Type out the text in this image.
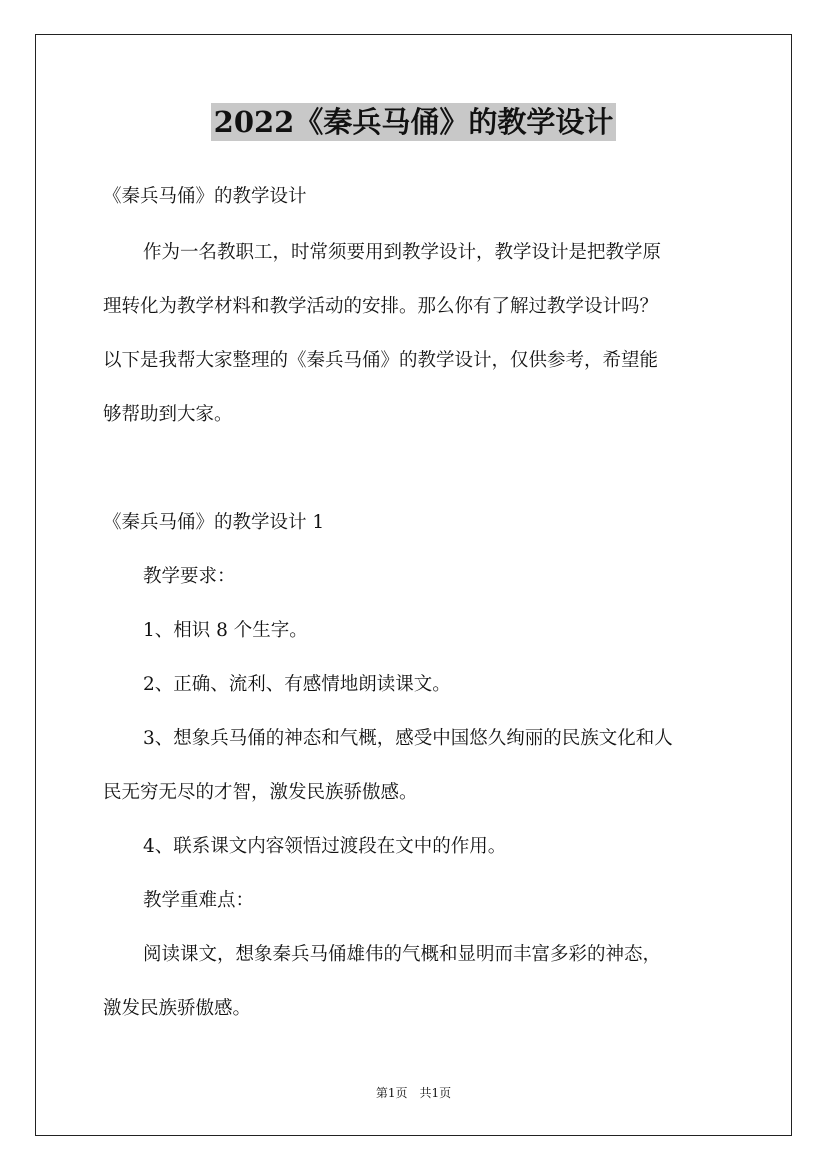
2022《秦兵马俑》的教学设计
《秦兵马俑》的教学设计
作为一名教职工，时常须要用到教学设计，教学设计是把教学原
理转化为教学材料和教学活动的安排。那么你有了解过教学设计吗？
以下是我帮大家整理的《秦兵马俑》的教学设计，仅供参考，希望能
够帮助到大家。
《秦兵马俑》的教学设计 1
教学要求：
1、相识 8 个生字。
2、正确、流利、有感情地朗读课文。
3、想象兵马俑的神态和气概，感受中国悠久绚丽的民族文化和人
民无穷无尽的才智，激发民族骄傲感。
4、联系课文内容领悟过渡段在文中的作用。
教学重难点：
阅读课文，想象秦兵马俑雄伟的气概和显明而丰富多彩的神态，
激发民族骄傲感。
第1页　共1页
